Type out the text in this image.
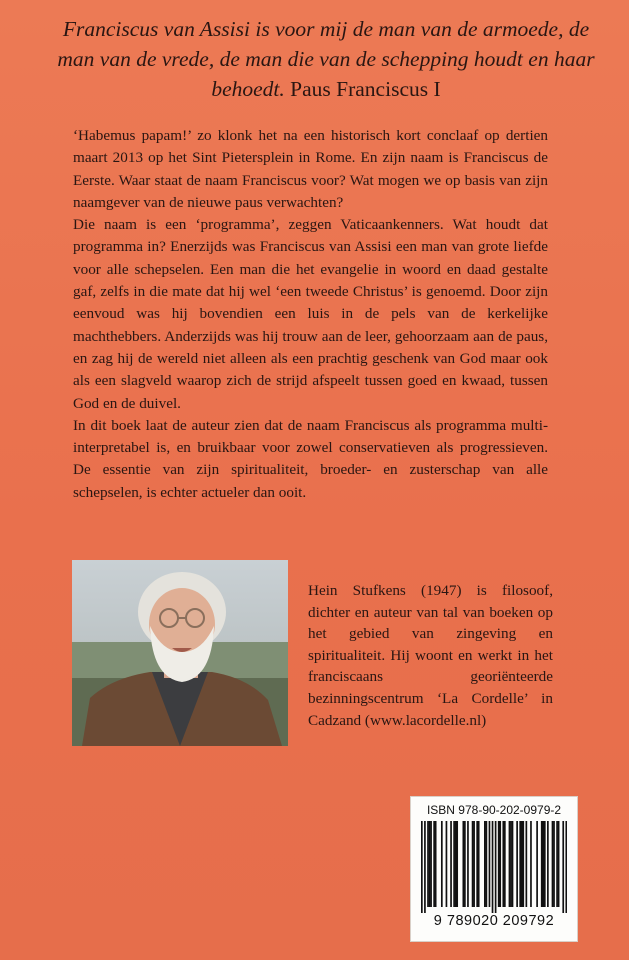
Franciscus van Assisi is voor mij de man van de armoede, de man van de vrede, de man die van de schepping houdt en haar behoedt. Paus Franciscus I

‘Habemus papam!’ zo klonk het na een historisch kort conclaaf op dertien maart 2013 op het Sint Pietersplein in Rome. En zijn naam is Franciscus de Eerste. Waar staat de naam Franciscus voor? Wat mogen we op basis van zijn naamgever van de nieuwe paus verwachten?

Die naam is een ‘programma’, zeggen Vaticaankenners. Wat houdt dat programma in? Enerzijds was Franciscus van Assisi een man van grote liefde voor alle schepselen. Een man die het evangelie in woord en daad gestalte gaf, zelfs in die mate dat hij wel ‘een tweede Christus’ is genoemd. Door zijn eenvoud was hij bovendien een luis in de pels van de kerkelijke machthebbers. Anderzijds was hij trouw aan de leer, gehoorzaam aan de paus, en zag hij de wereld niet alleen als een prachtig geschenk van God maar ook als een slagveld waarop zich de strijd afspeelt tussen goed en kwaad, tussen God en de duivel.

In dit boek laat de auteur zien dat de naam Franciscus als programma multi-interpretabel is, en bruikbaar voor zowel conservatieven als progressieven. De essentie van zijn spiritualiteit, broeder- en zusterschap van alle schepselen, is echter actueler dan ooit.

Hein Stufkens (1947) is filosoof, dichter en auteur van tal van boeken op het gebied van zingeving en spiritualiteit. Hij woont en werkt in het franciscaans georiënteerde bezinningscentrum ‘La Cordelle’ in Cadzand (www.lacordelle.nl)
ISBN 978-90-202-0979-2
9 789020 209792
